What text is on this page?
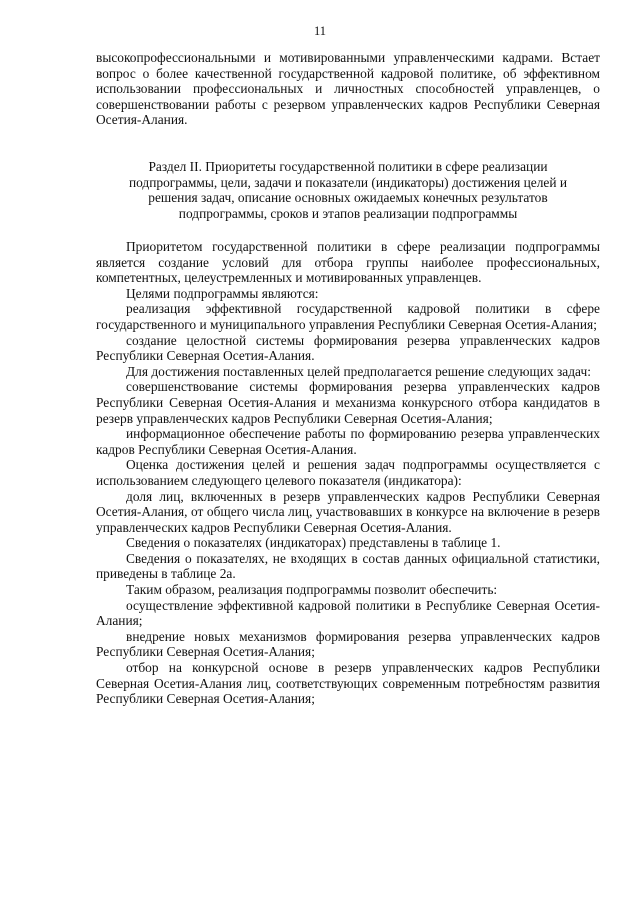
11

высокопрофессиональными и мотивированными управленческими кадрами. Встает вопрос о более качественной государственной кадровой политике, об эффективном использовании профессиональных и личностных способностей управленцев, о совершенствовании работы с резервом управленческих кадров Республики Северная Осетия-Алания.

Раздел II. Приоритеты государственной политики в сфере реализации
подпрограммы, цели, задачи и показатели (индикаторы) достижения целей и
решения задач, описание основных ожидаемых конечных результатов
подпрограммы, сроков и этапов реализации подпрограммы

Приоритетом государственной политики в сфере реализации подпрограммы является создание условий для отбора группы наиболее профессиональных, компетентных, целеустремленных и мотивированных управленцев.

Целями подпрограммы являются:

реализация эффективной государственной кадровой политики в сфере государственного и муниципального управления Республики Северная Осетия-Алания;

создание целостной системы формирования резерва управленческих кадров Республики Северная Осетия-Алания.

Для достижения поставленных целей предполагается решение следующих задач:

совершенствование системы формирования резерва управленческих кадров Республики Северная Осетия-Алания и механизма конкурсного отбора кандидатов в резерв управленческих кадров Республики Северная Осетия-Алания;

информационное обеспечение работы по формированию резерва управленческих кадров Республики Северная Осетия-Алания.

Оценка достижения целей и решения задач подпрограммы осуществляется с использованием следующего целевого показателя (индикатора):

доля лиц, включенных в резерв управленческих кадров Республики Северная Осетия-Алания, от общего числа лиц, участвовавших в конкурсе на включение в резерв управленческих кадров Республики Северная Осетия-Алания.

Сведения о показателях (индикаторах) представлены в таблице 1.

Сведения о показателях, не входящих в состав данных официальной статистики, приведены в таблице 2а.

Таким образом, реализация подпрограммы позволит обеспечить:

осуществление эффективной кадровой политики в Республике Северная Осетия-Алания;

внедрение новых механизмов формирования резерва управленческих кадров Республики Северная Осетия-Алания;

отбор на конкурсной основе в резерв управленческих кадров Республики Северная Осетия-Алания лиц, соответствующих современным потребностям развития Республики Северная Осетия-Алания;
